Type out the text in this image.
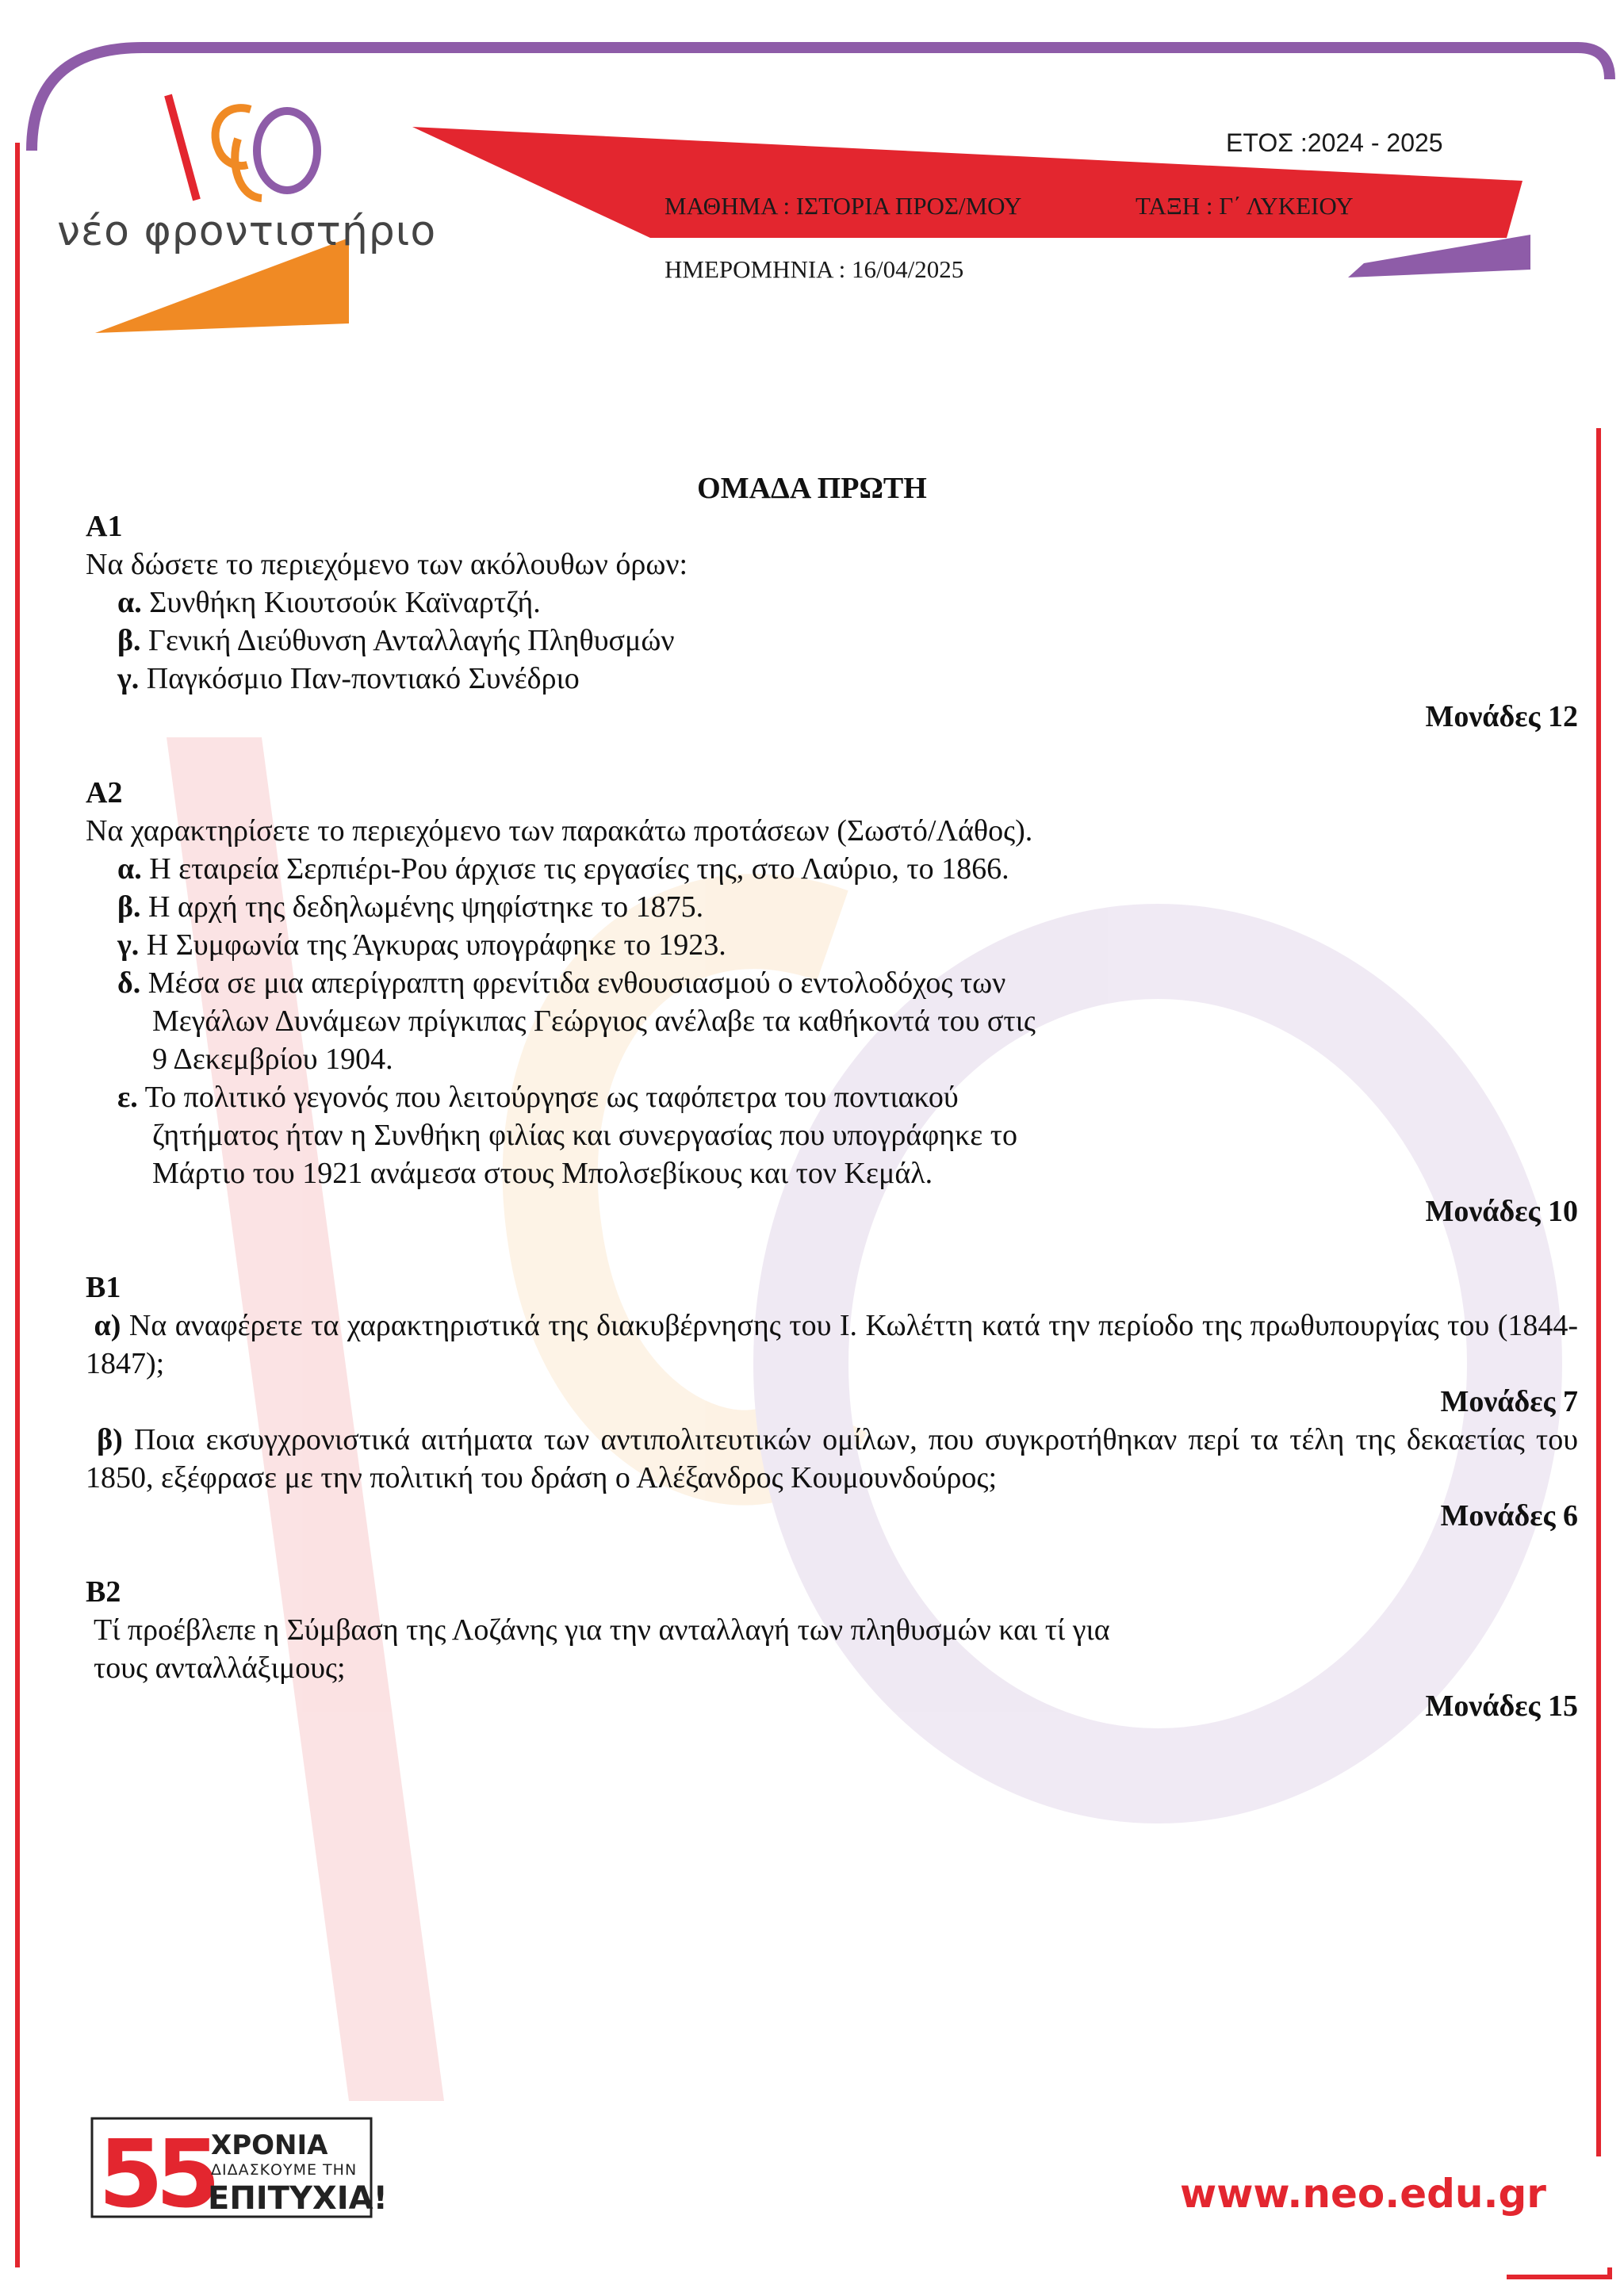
νέο φροντιστήριο
ΕΤΟΣ :2024 - 2025
ΜΑΘΗΜΑ : ΙΣΤΟΡΙΑ ΠΡΟΣ/ΜΟΥ	ΤΑΞΗ : Γ΄ ΛΥΚΕΙΟΥ
ΗΜΕΡΟΜΗΝΙΑ : 16/04/2025
ΟΜΑΔΑ ΠΡΩΤΗ
Α1
Να δώσετε το περιεχόμενο των ακόλουθων όρων:
α. Συνθήκη Κιουτσούκ Καϊναρτζή.
β. Γενική Διεύθυνση Ανταλλαγής Πληθυσμών
γ. Παγκόσμιο Παν-ποντιακό Συνέδριο
Μονάδες 12
Α2
Να χαρακτηρίσετε το περιεχόμενο των παρακάτω προτάσεων (Σωστό/Λάθος).
α. Η εταιρεία Σερπιέρι-Ρου άρχισε τις εργασίες της, στο Λαύριο, το 1866.
β. Η αρχή της δεδηλωμένης ψηφίστηκε το 1875.
γ. Η Συμφωνία της Άγκυρας υπογράφηκε το 1923.
δ. Μέσα σε μια απερίγραπτη φρενίτιδα ενθουσιασμού ο εντολοδόχος των
Μεγάλων Δυνάμεων πρίγκιπας Γεώργιος ανέλαβε τα καθήκοντά του στις
9 Δεκεμβρίου 1904.
ε. Το πολιτικό γεγονός που λειτούργησε ως ταφόπετρα του ποντιακού
ζητήματος ήταν η Συνθήκη φιλίας και συνεργασίας που υπογράφηκε το
Μάρτιο του 1921 ανάμεσα στους Μπολσεβίκους και τον Κεμάλ.
Μονάδες 10
Β1
α) Να αναφέρετε τα χαρακτηριστικά της διακυβέρνησης του Ι. Κωλέττη κατά την περίοδο της πρωθυπουργίας του (1844-1847);
Μονάδες 7
β) Ποια εκσυγχρονιστικά αιτήματα των αντιπολιτευτικών ομίλων, που συγκροτήθηκαν περί τα τέλη της δεκαετίας του 1850, εξέφρασε με την πολιτική του δράση ο Αλέξανδρος Κουμουνδούρος;
Μονάδες 6
Β2
Τί προέβλεπε η Σύμβαση της Λοζάνης για την ανταλλαγή των πληθυσμών και τί για
τους ανταλλάξιμους;
Μονάδες 15
55
ΧΡΟΝΙΑ
ΔΙΔΑΣΚΟΥΜΕ ΤΗΝ
ΕΠΙΤΥΧΙΑ!	www.neo.edu.gr
